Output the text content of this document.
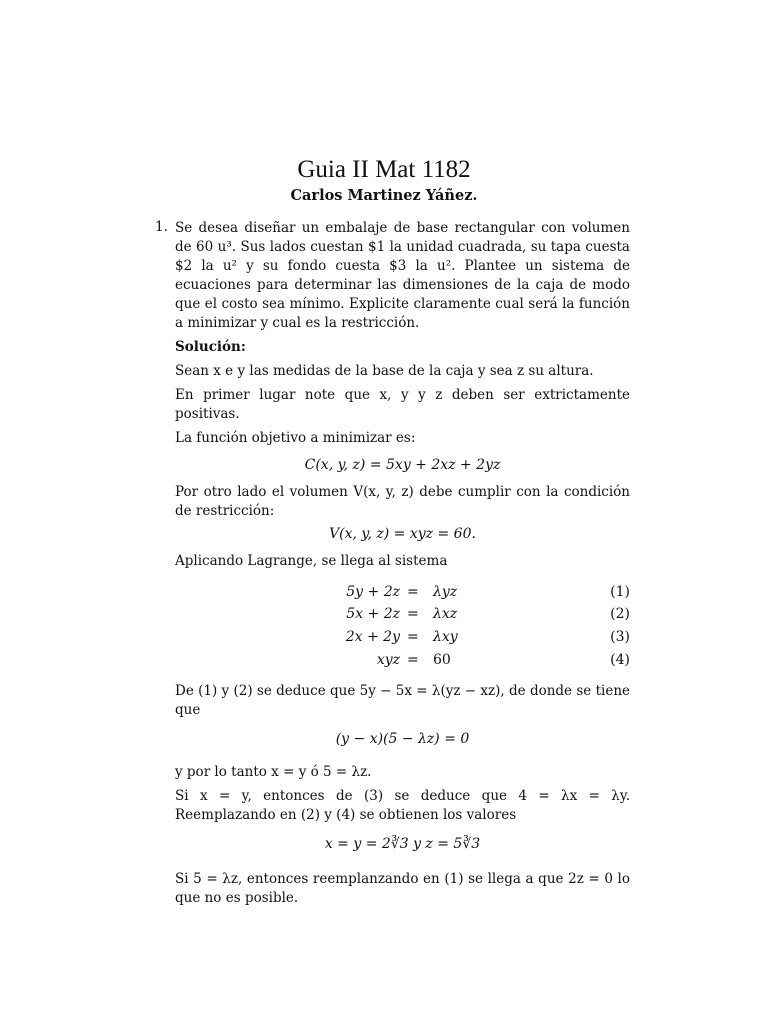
Guia II Mat 1182
Carlos Martinez Yáñez.
1. Se desea diseñar un embalaje de base rectangular con volumen de 60 u³. Sus lados cuestan $1 la unidad cuadrada, su tapa cuesta $2 la u² y su fondo cuesta $3 la u². Plantee un sistema de ecuaciones para determinar las dimensiones de la caja de modo que el costo sea mínimo. Explicite claramente cual será la función a minimizar y cual es la restricción.

Solución:

Sean x e y las medidas de la base de la caja y sea z su altura.

En primer lugar note que x, y y z deben ser extrictamente positivas.

La función objetivo a minimizar es:

C(x, y, z) = 5xy + 2xz + 2yz

Por otro lado el volumen V(x, y, z) debe cumplir con la condición de restricción:

V(x, y, z) = xyz = 60.

Aplicando Lagrange, se llega al sistema

5y + 2z = λyz	(1)
5x + 2z = λxz	(2)
2x + 2y = λxy	(3)
xyz = 60	(4)

De (1) y (2) se deduce que 5y − 5x = λ(yz − xz), de donde se tiene que

(y − x)(5 − λz) = 0

y por lo tanto x = y ó 5 = λz.

Si x = y, entonces de (3) se deduce que 4 = λx = λy. Reemplazando en (2) y (4) se obtienen los valores

x = y = 2∛3 y z = 5∛3

Si 5 = λz, entonces reemplanzando en (1) se llega a que 2z = 0 lo que no es posible.
